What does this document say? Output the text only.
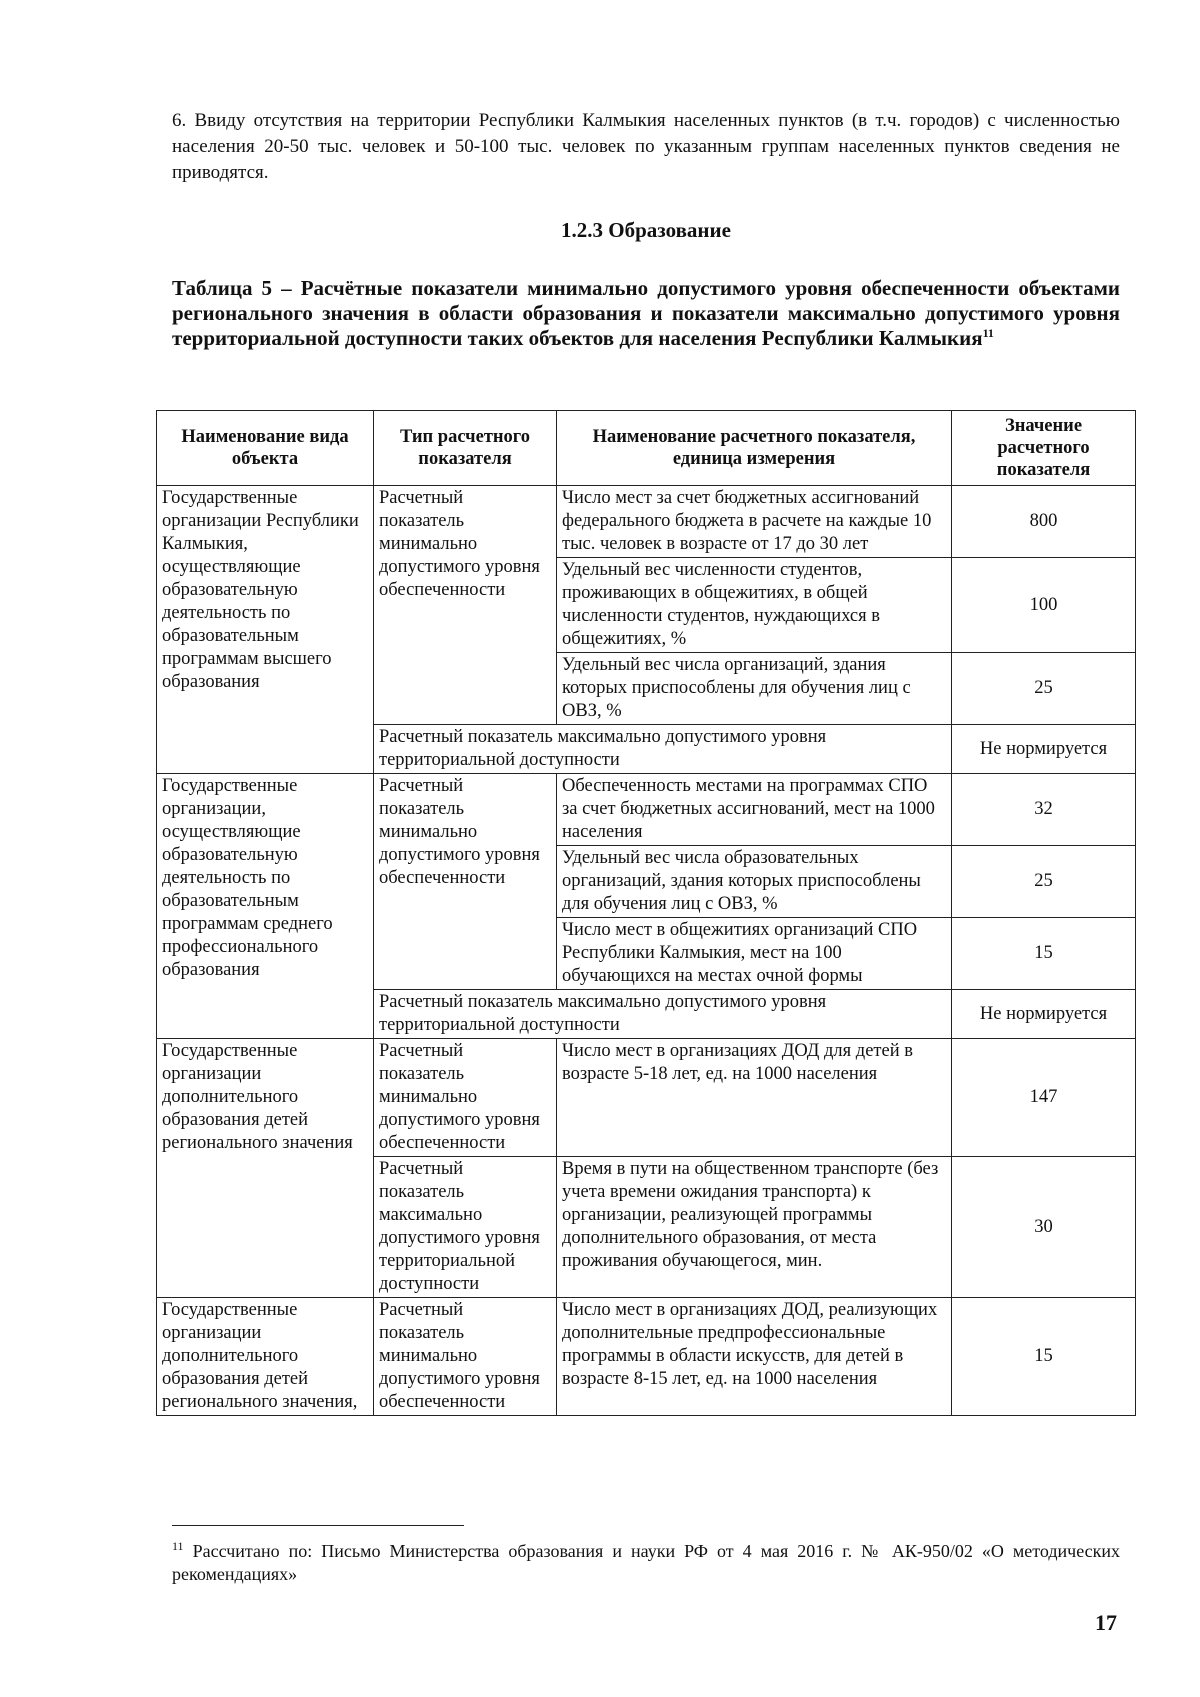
6. Ввиду отсутствия на территории Республики Калмыкия населенных пунктов (в т.ч. городов) с численностью населения 20-50 тыс. человек и 50-100 тыс. человек по указанным группам населенных пунктов сведения не приводятся.

1.2.3 Образование

Таблица 5 – Расчётные показатели минимально допустимого уровня обеспеченности объектами регионального значения в области образования и показатели максимально допустимого уровня территориальной доступности таких объектов для населения Республики Калмыкия$^{11}$

Наименование вида объекта	Тип расчетного показателя	Наименование расчетного показателя, единица измерения	Значение расчетного показателя
Государственные организации Республики Калмыкия, осуществляющие образовательную деятельность по образовательным программам высшего образования	Расчетный показатель минимально допустимого уровня обеспеченности	Число мест за счет бюджетных ассигнований федерального бюджета в расчете на каждые 10 тыс. человек в возрасте от 17 до 30 лет	800
		Удельный вес численности студентов, проживающих в общежитиях, в общей численности студентов, нуждающихся в общежитиях, %	100
		Удельный вес числа организаций, здания которых приспособлены для обучения лиц с ОВЗ, %	25
	Расчетный показатель максимально допустимого уровня территориальной доступности		Не нормируется
Государственные организации, осуществляющие образовательную деятельность по образовательным программам среднего профессионального образования	Расчетный показатель минимально допустимого уровня обеспеченности	Обеспеченность местами на программах СПО за счет бюджетных ассигнований, мест на 1000 населения	32
		Удельный вес числа образовательных организаций, здания которых приспособлены для обучения лиц с ОВЗ, %	25
		Число мест в общежитиях организаций СПО Республики Калмыкия, мест на 100 обучающихся на местах очной формы	15
	Расчетный показатель максимально допустимого уровня территориальной доступности		Не нормируется
Государственные организации дополнительного образования детей регионального значения	Расчетный показатель минимально допустимого уровня обеспеченности	Число мест в организациях ДОД для детей в возрасте 5-18 лет, ед. на 1000 населения	147
	Расчетный показатель максимально допустимого уровня территориальной доступности	Время в пути на общественном транспорте (без учета времени ожидания транспорта) к организации, реализующей программы дополнительного образования, от места проживания обучающегося, мин.	30
Государственные организации дополнительного образования детей регионального значения,	Расчетный показатель минимально допустимого уровня обеспеченности	Число мест в организациях ДОД, реализующих дополнительные предпрофессиональные программы в области искусств, для детей в возрасте 8-15 лет, ед. на 1000 населения	15

$^{11}$ Рассчитано по: Письмо Министерства образования и науки РФ от 4 мая 2016 г. № АК-950/02 «О методических рекомендациях»

17
